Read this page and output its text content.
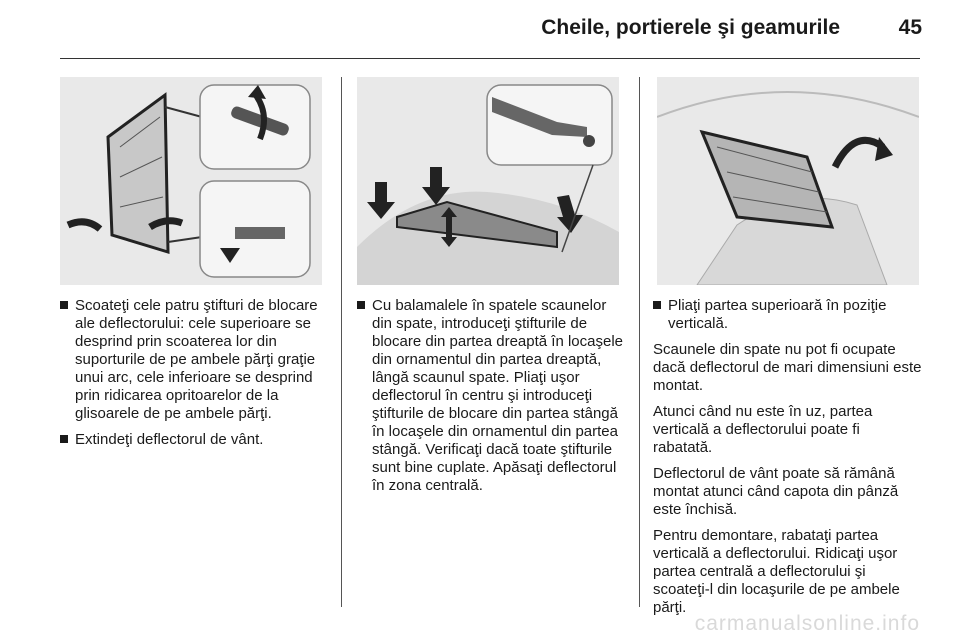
Cheile, portierele şi geamurile	45
Scoateţi cele patru ştifturi de blocare ale deflectorului: cele superioare se desprind prin scoaterea lor din suporturile de pe ambele părţi graţie unui arc, cele inferioare se desprind prin ridicarea opritoarelor de la glisoarele de pe ambele părţi.
Extindeţi deflectorul de vânt.
Cu balamalele în spatele scaunelor din spate, introduceţi ştifturile de blocare din partea dreaptă în locaşele din ornamentul din partea dreaptă, lângă scaunul spate. Pliaţi uşor deflectorul în centru şi introduceţi ştifturile de blocare din partea stângă în locaşele din ornamentul din partea stângă. Verificaţi dacă toate ştifturile sunt bine cuplate. Apăsaţi deflectorul în zona centrală.
Pliaţi partea superioară în poziţie verticală.

Scaunele din spate nu pot fi ocupate dacă deflectorul de mari dimensiuni este montat.

Atunci când nu este în uz, partea verticală a deflectorului poate fi rabatată.

Deflectorul de vânt poate să rămână montat atunci când capota din pânză este închisă.

Pentru demontare, rabataţi partea verticală a deflectorului. Ridicaţi uşor partea centrală a deflectorului şi scoateţi-l din locaşurile de pe ambele părţi.

carmanualsonline.info
